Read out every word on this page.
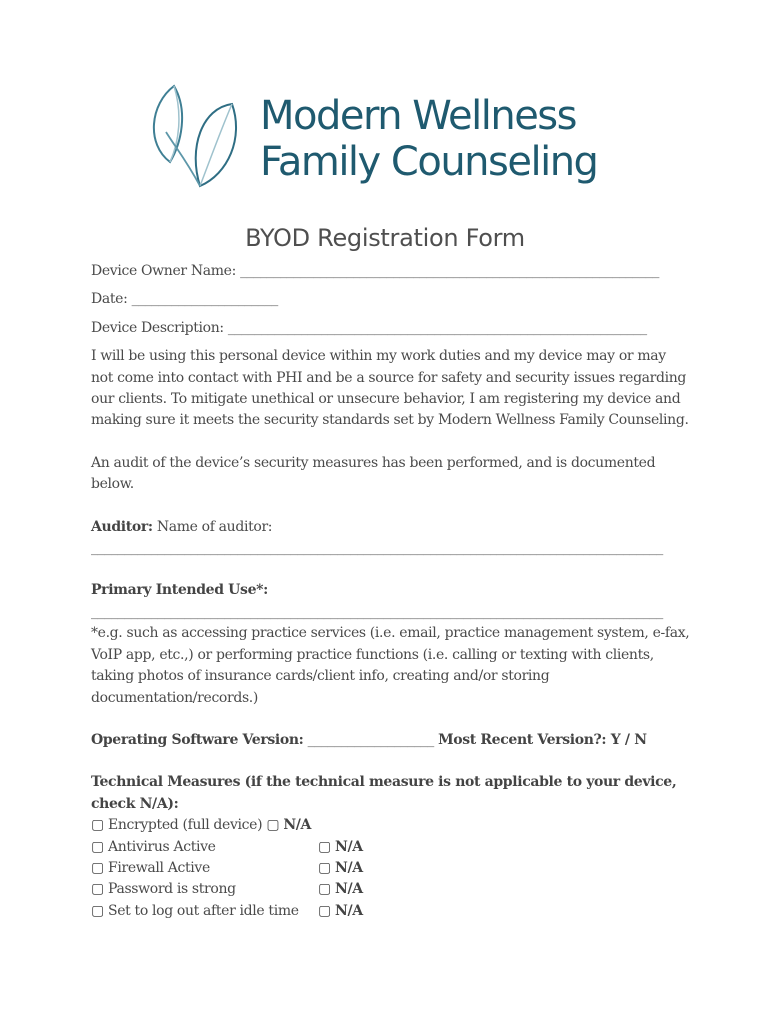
Modern Wellness
Family Counseling
BYOD Registration Form
Device Owner Name: _______________________________________________________________
Date: ______________________
Device Description: _______________________________________________________________
I will be using this personal device within my work duties and my device may or may not come into contact with PHI and be a source for safety and security issues regarding our clients. To mitigate unethical or unsecure behavior, I am registering my device and making sure it meets the security standards set by Modern Wellness Family Counseling.
An audit of the device’s security measures has been performed, and is documented below.
Auditor: Name of auditor:
______________________________________________________________________________________
Primary Intended Use*:
______________________________________________________________________________________
*e.g. such as accessing practice services (i.e. email, practice management system, e-fax, VoIP app, etc.,) or performing practice functions (i.e. calling or texting with clients, taking photos of insurance cards/client info, creating and/or storing documentation/records.)
Operating Software Version: ___________________ Most Recent Version?: Y / N
Technical Measures (if the technical measure is not applicable to your device, check N/A):
▢ Encrypted (full device) ▢ N/A
▢ Antivirus Active	▢ N/A
▢ Firewall Active	▢ N/A
▢ Password is strong	▢ N/A
▢ Set to log out after idle time ▢ N/A
